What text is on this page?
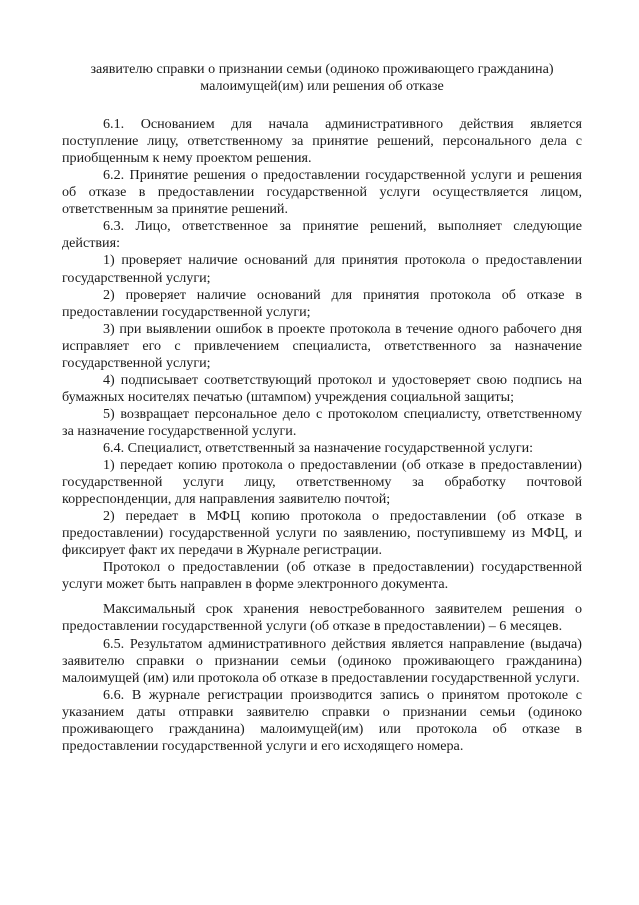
заявителю справки о признании семьи (одиноко проживающего гражданина)
малоимущей(им) или решения об отказе

6.1. Основанием для начала административного действия является поступление лицу, ответственному за принятие решений, персонального дела с приобщенным к нему проектом решения.

6.2. Принятие решения о предоставлении государственной услуги и решения об отказе в предоставлении государственной услуги осуществляется лицом, ответственным за принятие решений.

6.3. Лицо, ответственное за принятие решений, выполняет следующие действия:

1) проверяет наличие оснований для принятия протокола о предоставлении государственной услуги;

2) проверяет наличие оснований для принятия протокола об отказе в предоставлении государственной услуги;

3) при выявлении ошибок в проекте протокола в течение одного рабочего дня исправляет его с привлечением специалиста, ответственного за назначение государственной услуги;

4) подписывает соответствующий протокол и удостоверяет свою подпись на бумажных носителях печатью (штампом) учреждения социальной защиты;

5) возвращает персональное дело с протоколом специалисту, ответственному за назначение государственной услуги.

6.4. Специалист, ответственный за назначение государственной услуги:

1) передает копию протокола о предоставлении (об отказе в предоставлении) государственной услуги лицу, ответственному за обработку почтовой корреспонденции, для направления заявителю почтой;

2) передает в МФЦ копию протокола о предоставлении (об отказе в предоставлении) государственной услуги по заявлению, поступившему из МФЦ, и фиксирует факт их передачи в Журнале регистрации.

Протокол о предоставлении (об отказе в предоставлении) государственной услуги может быть направлен в форме электронного документа.

Максимальный срок хранения невостребованного заявителем решения о предоставлении государственной услуги (об отказе в предоставлении) – 6 месяцев.

6.5. Результатом административного действия является направление (выдача) заявителю справки о признании семьи (одиноко проживающего гражданина) малоимущей (им) или протокола об отказе в предоставлении государственной услуги.

6.6. В журнале регистрации производится запись о принятом протоколе с указанием даты отправки заявителю справки о признании семьи (одиноко проживающего гражданина) малоимущей(им) или протокола об отказе в предоставлении государственной услуги и его исходящего номера.
